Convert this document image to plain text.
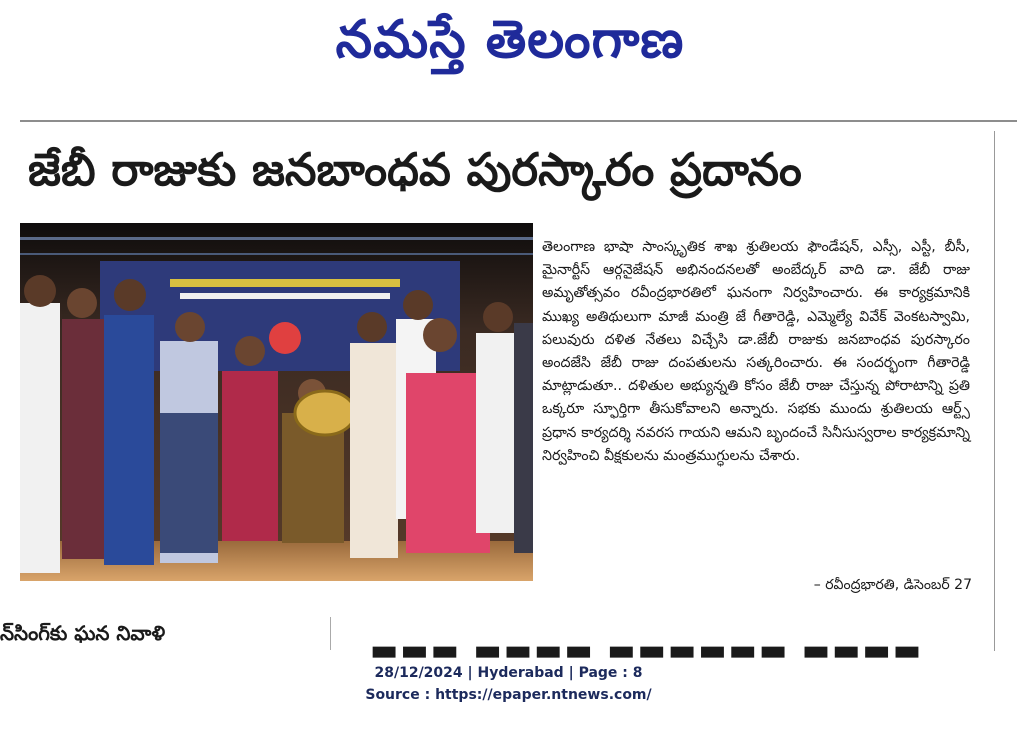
నమస్తే తెలంగాణ
జేబీ రాజుకు జనబాంధవ పురస్కారం ప్రదానం
తెలంగాణ భాషా సాంస్కృతిక శాఖ శ్రుతిలయ ఫౌండేషన్, ఎస్సీ, ఎస్టీ, బీసీ, మైనార్టీస్ ఆర్గనైజేషన్ అభినందనలతో అంబేద్కర్ వాది డా. జేబీ రాజు అమృతోత్సవం రవీంద్రభారతిలో ఘనంగా నిర్వహించారు. ఈ కార్యక్రమానికి ముఖ్య అతిథులుగా మాజీ మంత్రి జే గీతారెడ్డి, ఎమ్మెల్యే వివేక్ వెంకటస్వామి, పలువురు దళిత నేతలు విచ్చేసి డా.జేబీ రాజుకు జనబాంధవ పురస్కారం అందజేసి జేబీ రాజు దంపతులను సత్కరించారు. ఈ సందర్భంగా గీతారెడ్డి మాట్లాడుతూ.. దళితుల అభ్యున్నతి కోసం జేబీ రాజు చేస్తున్న పోరాటాన్ని ప్రతి ఒక్కరూ స్ఫూర్తిగా తీసుకోవాలని అన్నారు. సభకు ముందు శ్రుతిలయ ఆర్ట్స్ ప్రధాన కార్యదర్శి నవరస గాయని ఆమని బృందంచే సినీసుస్వరాల కార్యక్రమాన్ని నిర్వహించి వీక్షకులను మంత్రముగ్ధులను చేశారు.
– రవీంద్రభారతి, డిసెంబర్ 27
న్‌సింగ్‌కు ఘన నివాళి	▬▬▬ ▬▬▬▬ ▬▬▬▬▬▬ ▬▬▬▬
28/12/2024 | Hyderabad | Page : 8
Source : https://epaper.ntnews.com/
